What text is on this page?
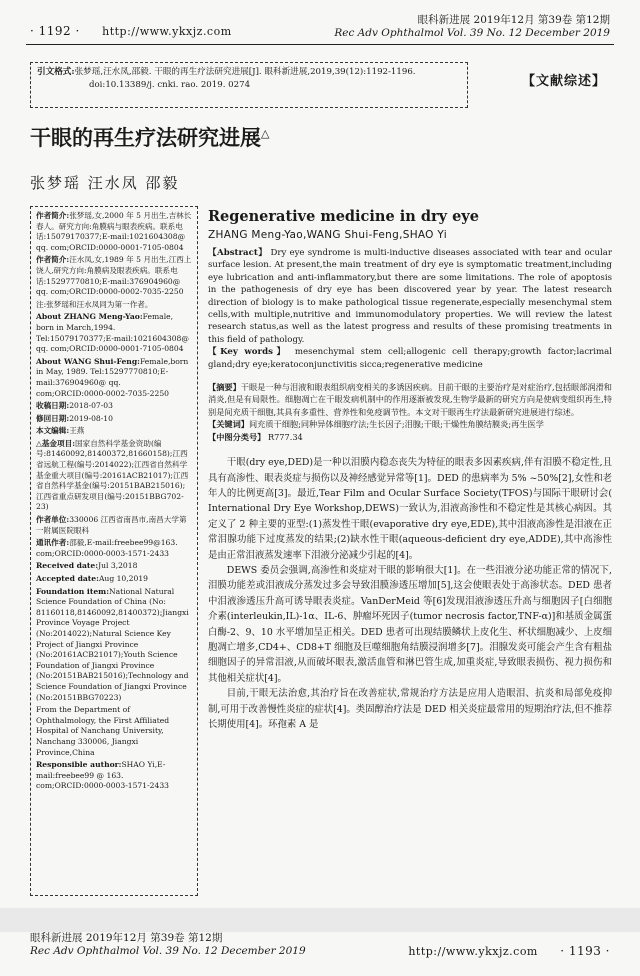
· 1192 · http://www.ykxjz.com
眼科新进展 2019年12月 第39卷 第12期
Rec Adv Ophthalmol Vol. 39 No. 12 December 2019
引文格式:张梦瑶,汪水凤,邵毅. 干眼的再生疗法研究进展[J]. 眼科新进展,2019,39(12):1192-1196.
doi:10.13389/j. cnki. rao. 2019. 0274	【文献综述】
干眼的再生疗法研究进展△
张梦瑶 汪水凤 邵毅

作者简介:张梦瑶,女,2000 年 5 月出生,吉林长春人。研究方向:角膜病与眼表疾病。联系电话:15079170377;E-mail:1021604308@ qq. com;ORCID:0000-0001-7105-0804

作者简介:汪水凤,女,1989 年 5 月出生,江西上饶人,研究方向:角膜病及眼表疾病。联系电话:15297770810;E-mail:376904960@ qq. com;ORCID:0000-0002-7035-2250

注:张梦瑶和汪水凤同为第一作者。

About ZHANG Meng-Yao:Female, born in March,1994. Tel:15079170377;E-mail:1021604308@ qq. com;ORCID:0000-0001-7105-0804

About WANG Shui-Feng:Female,born in May, 1989. Tel:15297770810;E-mail:376904960@ qq. com;ORCID:0000-0002-7035-2250

收稿日期:2018-07-03

修回日期:2019-08-10

本文编辑:王燕

△基金项目:国家自然科学基金资助(编号:81460092,81400372,81660158);江西省远航工程(编号:2014022);江西省自然科学基金重大项目(编号:20161ACB21017);江西省自然科学基金(编号:20151BAB215016);江西省重点研发项目(编号:20151BBG702-23)

作者单位:330006 江西省南昌市,南昌大学第一附属医院眼科

通讯作者:邵毅,E-mail:freebee99@163. com;ORCID:0000-0003-1571-2433

Received date:Jul 3,2018

Accepted date:Aug 10,2019

Foundation item:National Natural Science Foundation of China (No: 81160118,81460092,81400372);Jiangxi Province Voyage Project (No:2014022);Natural Science Key Project of Jiangxi Province (No:20161ACB21017);Youth Science Foundation of Jiangxi Province (No:20151BAB215016);Technology and Science Foundation of Jiangxi Province (No:20151BBG70223)

From the Department of Ophthalmology, the First Affiliated Hospital of Nanchang University, Nanchang 330006, Jiangxi Province,China

Responsible author:SHAO Yi,E-mail:freebee99 @ 163. com;ORCID:0000-0003-1571-2433

Regenerative medicine in dry eye
ZHANG Meng-Yao,WANG Shui-Feng,SHAO Yi
【Abstract】 Dry eye syndrome is multi-inductive diseases associated with tear and ocular surface lesion. At present,the main treatment of dry eye is symptomatic treatment,including eye lubrication and anti-inflammatory,but there are some limitations. The role of apoptosis in the pathogenesis of dry eye has been discovered year by year. The latest research direction of biology is to make pathological tissue regenerate,especially mesenchymal stem cells,with multiple,nutritive and immunomodulatory properties. We will review the latest research status,as well as the latest progress and results of these promising treatments in this field of pathology.
【Key words】 mesenchymal stem cell;allogenic cell therapy;growth factor;lacrimal gland;dry eye;keratoconjunctivitis sicca;regenerative medicine

【摘要】干眼是一种与泪液和眼表组织病变相关的多诱因疾病。目前干眼的主要治疗是对症治疗,包括眼部润滑和消炎,但是有局限性。细胞凋亡在干眼发病机制中的作用逐渐被发现,生物学最新的研究方向是使病变组织再生,特别是间充质干细胞,其具有多重性、营养性和免疫调节性。本文对干眼再生疗法最新研究进展进行综述。

【关键词】间充质干细胞;同种异体细胞疗法;生长因子;泪腺;干眼;干燥性角膜结膜炎;再生医学

【中图分类号】 R777.34

干眼(dry eye,DED)是一种以泪膜内稳态丧失为特征的眼表多因素疾病,伴有泪膜不稳定性,且具有高渗性、眼表炎症与损伤以及神经感觉异常等[1]。DED 的患病率为 5% ~50%[2],女性和老年人的比例更高[3]。最近,Tear Film and Ocular Surface Society(TFOS)与国际干眼研讨会( International Dry Eye Workshop,DEWS)一致认为,泪液高渗性和不稳定性是其核心病因。其定义了 2 种主要的亚型:(1)蒸发性干眼(evaporative dry eye,EDE),其中泪液高渗性是泪液在正常泪腺功能下过度蒸发的结果;(2)缺水性干眼(aqueous-deficient dry eye,ADDE),其中高渗性是由正常泪液蒸发速率下泪液分泌减少引起的[4]。

DEWS 委员会强调,高渗性和炎症对干眼的影响很大[1]。在一些泪液分泌功能正常的情况下,泪膜功能差或泪液成分蒸发过多会导致泪膜渗透压增加[5],这会使眼表处于高渗状态。DED 患者中泪液渗透压升高可诱导眼表炎症。VanDerMeid 等[6]发现泪液渗透压升高与细胞因子[白细胞介素(interleukin,IL)-1α、IL-6、肿瘤坏死因子(tumor necrosis factor,TNF-α)]和基质金属蛋白酶-2、9、10 水平增加呈正相关。DED 患者可出现结膜鳞状上皮化生、杯状细胞减少、上皮细胞凋亡增多,CD4+、CD8+T 细胞及巨噬细胞角结膜浸润增多[7]。泪腺发炎可能会产生含有粗盐细胞因子的异常泪液,从而破坏眼表,激活血管和淋巴管生成,加重炎症,导致眼表损伤、视力损伤和其他相关症状[4]。

目前,干眼无法治愈,其治疗旨在改善症状,常规治疗方法是应用人造眼泪、抗炎和局部免疫抑制,可用于改善慢性炎症的症状[4]。类固醇治疗法是 DED 相关炎症最常用的短期治疗法,但不推荐长期使用[4]。环孢素 A 是

眼科新进展 2019年12月 第39卷 第12期
Rec Adv Ophthalmol Vol. 39 No. 12 December 2019	http://www.ykxjz.com · 1193 ·
